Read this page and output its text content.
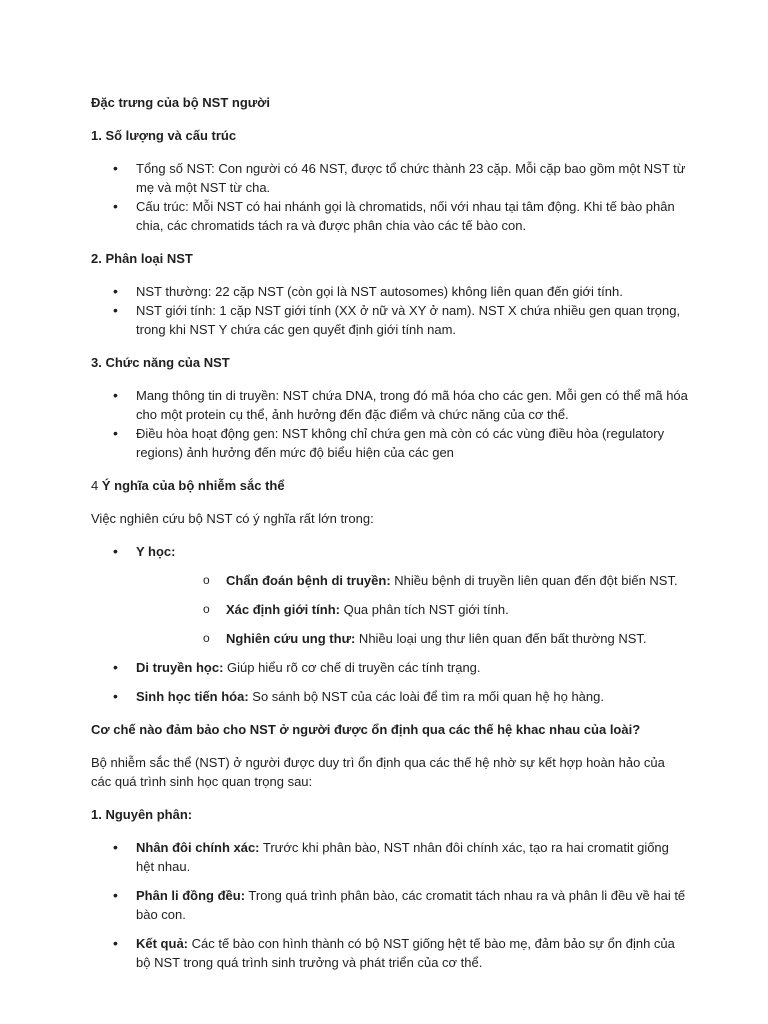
Đặc trưng của bộ NST người

1. Số lượng và cấu trúc

• Tổng số NST: Con người có 46 NST, được tổ chức thành 23 cặp. Mỗi cặp bao gồm một NST từ mẹ và một NST từ cha.
• Cấu trúc: Mỗi NST có hai nhánh gọi là chromatids, nối với nhau tại tâm động. Khi tế bào phân chia, các chromatids tách ra và được phân chia vào các tế bào con.

2. Phân loại NST

• NST thường: 22 cặp NST (còn gọi là NST autosomes) không liên quan đến giới tính.
• NST giới tính: 1 cặp NST giới tính (XX ở nữ và XY ở nam). NST X chứa nhiều gen quan trọng, trong khi NST Y chứa các gen quyết định giới tính nam.

3. Chức năng của NST

• Mang thông tin di truyền: NST chứa DNA, trong đó mã hóa cho các gen. Mỗi gen có thể mã hóa cho một protein cụ thể, ảnh hưởng đến đặc điểm và chức năng của cơ thể.
• Điều hòa hoạt động gen: NST không chỉ chứa gen mà còn có các vùng điều hòa (regulatory regions) ảnh hưởng đến mức độ biểu hiện của các gen

4 Ý nghĩa của bộ nhiễm sắc thể

Việc nghiên cứu bộ NST có ý nghĩa rất lớn trong:

• Y học:
o Chẩn đoán bệnh di truyền: Nhiều bệnh di truyền liên quan đến đột biến NST.
o Xác định giới tính: Qua phân tích NST giới tính.
o Nghiên cứu ung thư: Nhiều loại ung thư liên quan đến bất thường NST.
• Di truyền học: Giúp hiểu rõ cơ chế di truyền các tính trạng.
• Sinh học tiến hóa: So sánh bộ NST của các loài để tìm ra mối quan hệ họ hàng.

Cơ chế nào đảm bảo cho NST ở người được ổn định qua các thế hệ khac nhau của loài?

Bộ nhiễm sắc thể (NST) ở người được duy trì ổn định qua các thế hệ nhờ sự kết hợp hoàn hảo của các quá trình sinh học quan trọng sau:

1. Nguyên phân:

• Nhân đôi chính xác: Trước khi phân bào, NST nhân đôi chính xác, tạo ra hai cromatit giống hệt nhau.
• Phân li đồng đều: Trong quá trình phân bào, các cromatit tách nhau ra và phân li đều về hai tế bào con.
• Kết quả: Các tế bào con hình thành có bộ NST giống hệt tế bào mẹ, đảm bảo sự ổn định của bộ NST trong quá trình sinh trưởng và phát triển của cơ thể.
